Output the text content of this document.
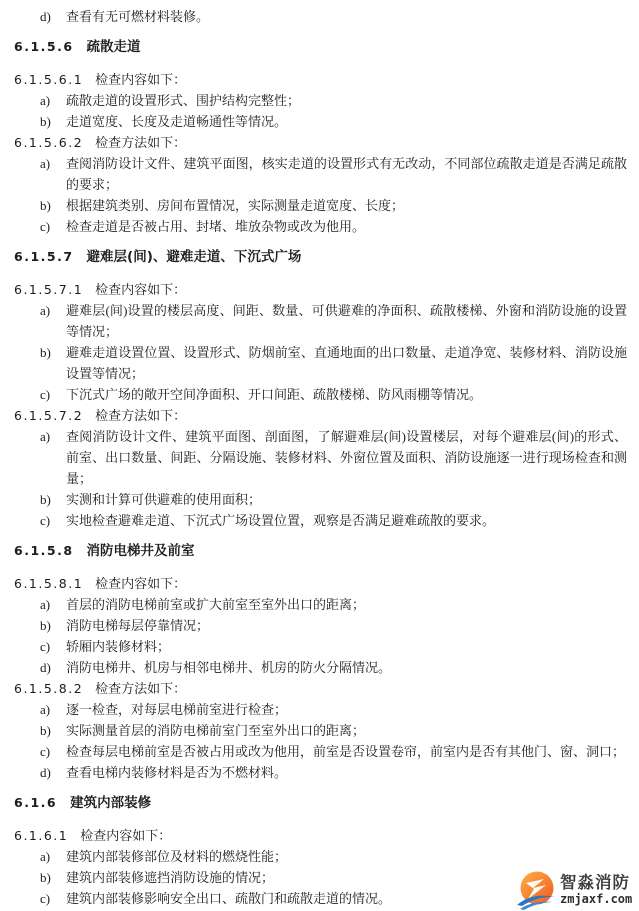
d)	查看有无可燃材料装修。
6.1.5.6 疏散走道
6.1.5.6.1 检查内容如下：
a)	疏散走道的设置形式、围护结构完整性；
b)	走道宽度、长度及走道畅通性等情况。
6.1.5.6.2 检查方法如下：
a)	查阅消防设计文件、建筑平面图，核实走道的设置形式有无改动，不同部位疏散走道是否满足疏散的要求；
b)	根据建筑类别、房间布置情况，实际测量走道宽度、长度；
c)	检查走道是否被占用、封堵、堆放杂物或改为他用。
6.1.5.7 避难层(间)、避难走道、下沉式广场
6.1.5.7.1 检查内容如下：
a)	避难层(间)设置的楼层高度、间距、数量、可供避难的净面积、疏散楼梯、外窗和消防设施的设置等情况；
b)	避难走道设置位置、设置形式、防烟前室、直通地面的出口数量、走道净宽、装修材料、消防设施设置等情况；
c)	下沉式广场的敞开空间净面积、开口间距、疏散楼梯、防风雨棚等情况。
6.1.5.7.2 检查方法如下：
a)	查阅消防设计文件、建筑平面图、剖面图，了解避难层(间)设置楼层，对每个避难层(间)的形式、前室、出口数量、间距、分隔设施、装修材料、外窗位置及面积、消防设施逐一进行现场检查和测量；
b)	实测和计算可供避难的使用面积；
c)	实地检查避难走道、下沉式广场设置位置，观察是否满足避难疏散的要求。
6.1.5.8 消防电梯井及前室
6.1.5.8.1 检查内容如下：
a)	首层的消防电梯前室或扩大前室至室外出口的距离；
b)	消防电梯每层停靠情况；
c)	轿厢内装修材料；
d)	消防电梯井、机房与相邻电梯井、机房的防火分隔情况。
6.1.5.8.2 检查方法如下：
a)	逐一检查，对每层电梯前室进行检查；
b)	实际测量首层的消防电梯前室门至室外出口的距离；
c)	检查每层电梯前室是否被占用或改为他用，前室是否设置卷帘，前室内是否有其他门、窗、洞口；
d)	查看电梯内装修材料是否为不燃材料。
6.1.6 建筑内部装修
6.1.6.1 检查内容如下：
a)	建筑内部装修部位及材料的燃烧性能；
b)	建筑内部装修遮挡消防设施的情况；
c)	建筑内部装修影响安全出口、疏散门和疏散走道的情况。
智淼消防
zmjaxf.com
